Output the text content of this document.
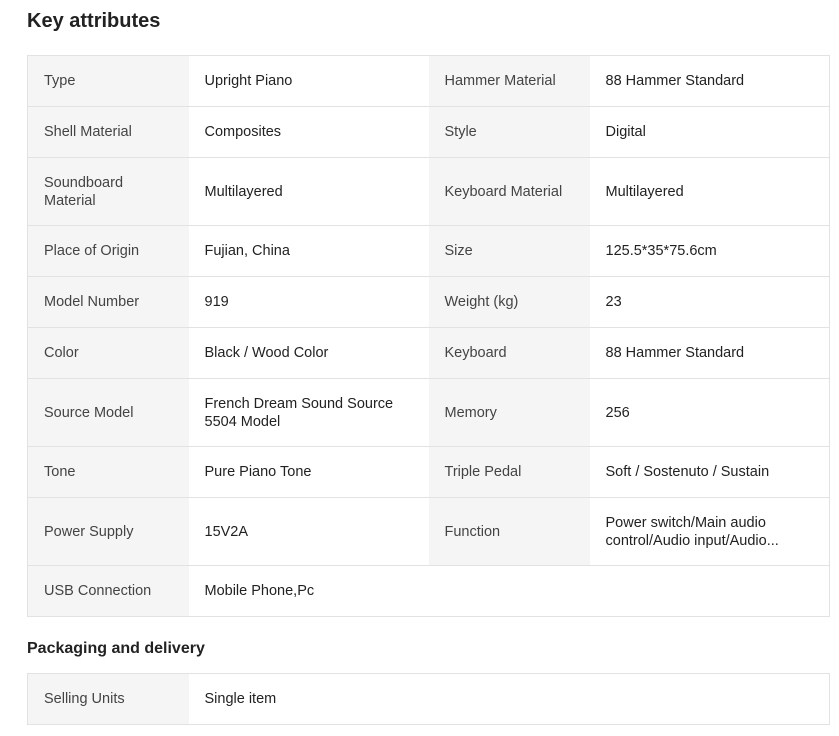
Key attributes
Type	Upright Piano	Hammer Material	88 Hammer Standard

Shell Material	Composites	Style	Digital

Soundboard Material	Multilayered	Keyboard Material	Multilayered

Place of Origin	Fujian, China	Size	125.5*35*75.6cm

Model Number	919	Weight (kg)	23

Color	Black / Wood Color	Keyboard	88 Hammer Standard

Source Model	French Dream Sound Source 5504 Model	Memory	256

Tone	Pure Piano Tone	Triple Pedal	Soft / Sostenuto / Sustain

Power Supply	15V2A	Function	Power switch/Main audio control/Audio input/Audio...

USB Connection	Mobile Phone,Pc		

Packaging and delivery
Selling Units	Single item
